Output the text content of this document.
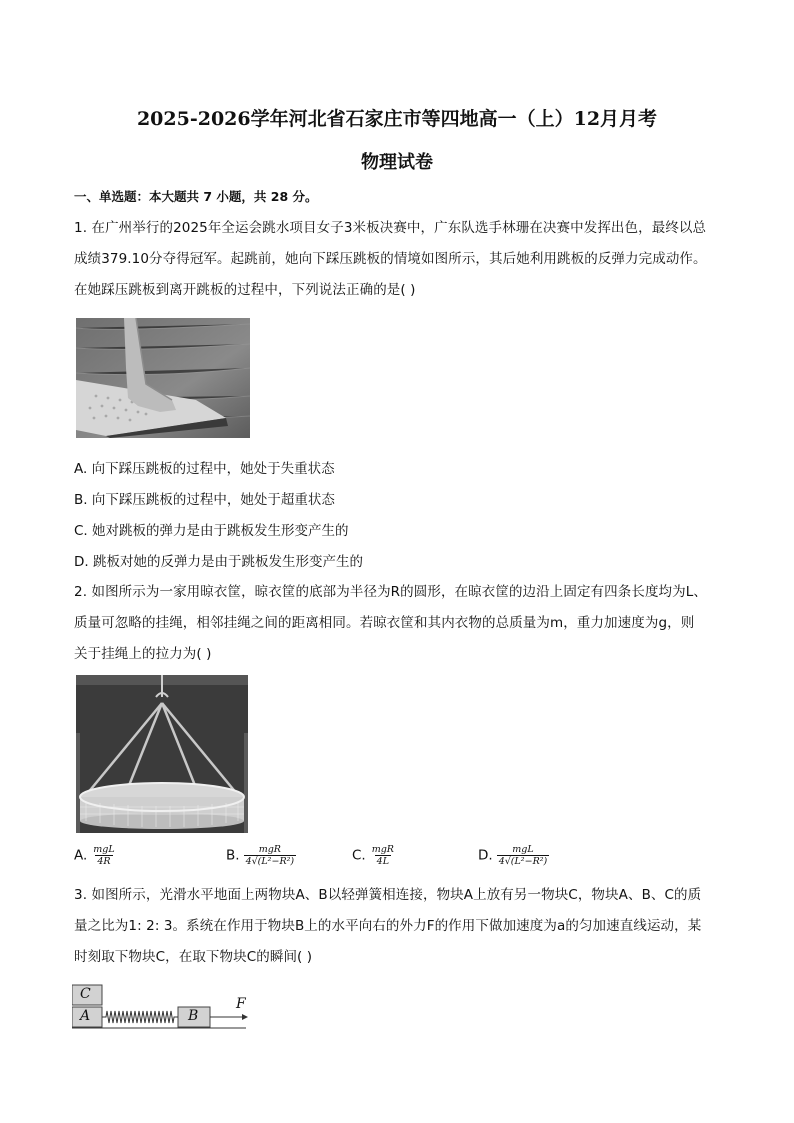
2025-2026学年河北省石家庄市等四地高一（上）12月月考
物理试卷
一、单选题：本大题共 7 小题，共 28 分。
1. 在广州举行的2025年全运会跳水项目女子3米板决赛中，广东队选手林珊在决赛中发挥出色，最终以总
成绩379.10分夺得冠军。起跳前，她向下踩压跳板的情境如图所示，其后她利用跳板的反弹力完成动作。
在她踩压跳板到离开跳板的过程中，下列说法正确的是( )
A. 向下踩压跳板的过程中，她处于失重状态
B. 向下踩压跳板的过程中，她处于超重状态
C. 她对跳板的弹力是由于跳板发生形变产生的
D. 跳板对她的反弹力是由于跳板发生形变产生的
2. 如图所示为一家用晾衣筐，晾衣筐的底部为半径为R的圆形，在晾衣筐的边沿上固定有四条长度均为L、
质量可忽略的挂绳，相邻挂绳之间的距离相同。若晾衣筐和其内衣物的总质量为m，重力加速度为g，则
关于挂绳上的拉力为( )
A. $\frac{\text{mgL}}{4R}$	B. $\frac{\text{mgR}}{\text{4√(L²−R²)}}$	C. $\frac{\text{mgR}}{4L}$	D. $\frac{\text{mgL}}{\text{4√(L²−R²)}}$
3. 如图所示，光滑水平地面上两物块A、B以轻弹簧相连接，物块A上放有另一物块C，物块A、B、C的质
量之比为1: 2: 3。系统在作用于物块B上的水平向右的外力F的作用下做加速度为a的匀加速直线运动，某
时刻取下物块C，在取下物块C的瞬间( )
C
A	B
F
